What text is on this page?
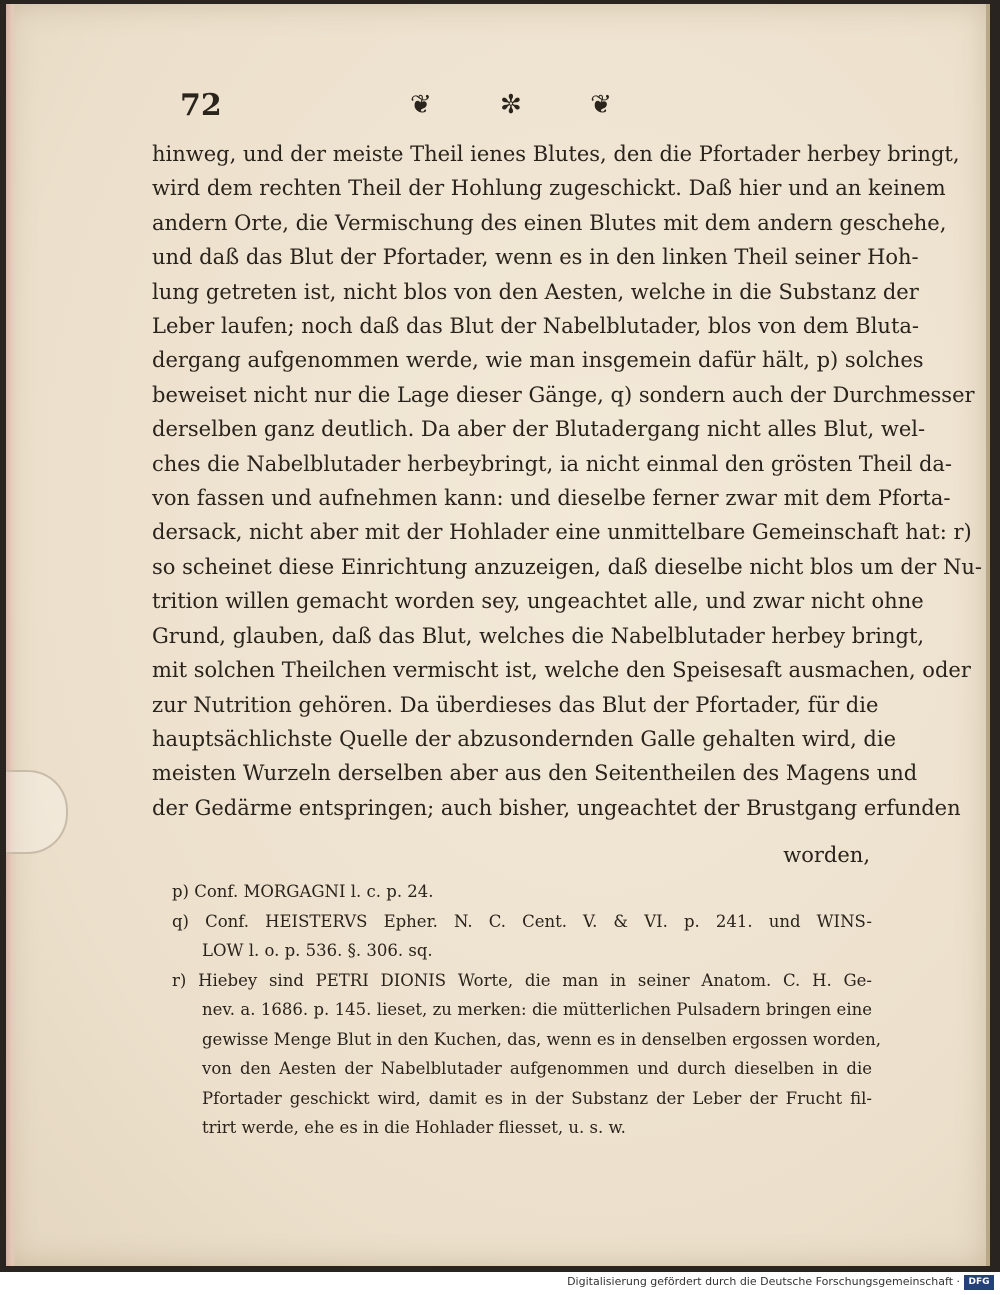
72	❦ ✼ ❦
hinweg, und der meiste Theil ienes Blutes, den die Pfortader herbey bringt,
wird dem rechten Theil der Hohlung zugeschickt. Daß hier und an keinem
andern Orte, die Vermischung des einen Blutes mit dem andern geschehe,
und daß das Blut der Pfortader, wenn es in den linken Theil seiner Hoh-
lung getreten ist, nicht blos von den Aesten, welche in die Substanz der
Leber laufen; noch daß das Blut der Nabelblutader, blos von dem Bluta-
dergang aufgenommen werde, wie man insgemein dafür hält, p) solches
beweiset nicht nur die Lage dieser Gänge, q) sondern auch der Durchmesser
derselben ganz deutlich. Da aber der Blutadergang nicht alles Blut, wel-
ches die Nabelblutader herbeybringt, ia nicht einmal den grösten Theil da-
von fassen und aufnehmen kann: und dieselbe ferner zwar mit dem Pforta-
dersack, nicht aber mit der Hohlader eine unmittelbare Gemeinschaft hat: r)
so scheinet diese Einrichtung anzuzeigen, daß dieselbe nicht blos um der Nu-
trition willen gemacht worden sey, ungeachtet alle, und zwar nicht ohne
Grund, glauben, daß das Blut, welches die Nabelblutader herbey bringt,
mit solchen Theilchen vermischt ist, welche den Speisesaft ausmachen, oder
zur Nutrition gehören. Da überdieses das Blut der Pfortader, für die
hauptsächlichste Quelle der abzusondernden Galle gehalten wird, die
meisten Wurzeln derselben aber aus den Seitentheilen des Magens und
der Gedärme entspringen; auch bisher, ungeachtet der Brustgang erfunden
worden,
p) Conf. MORGAGNI l. c. p. 24.
q) Conf. HEISTERVS Epher. N. C. Cent. V. & VI. p. 241. und WINS-
LOW l. o. p. 536. §. 306. sq.
r) Hiebey sind PETRI DIONIS Worte, die man in seiner Anatom. C. H. Ge-
nev. a. 1686. p. 145. lieset, zu merken: die mütterlichen Pulsadern bringen eine
gewisse Menge Blut in den Kuchen, das, wenn es in denselben ergossen worden,
von den Aesten der Nabelblutader aufgenommen und durch dieselben in die
Pfortader geschickt wird, damit es in der Substanz der Leber der Frucht fil-
trirt werde, ehe es in die Hohlader fliesset, u. s. w.
Digitalisierung gefördert durch die Deutsche Forschungsgemeinschaft · DFG
